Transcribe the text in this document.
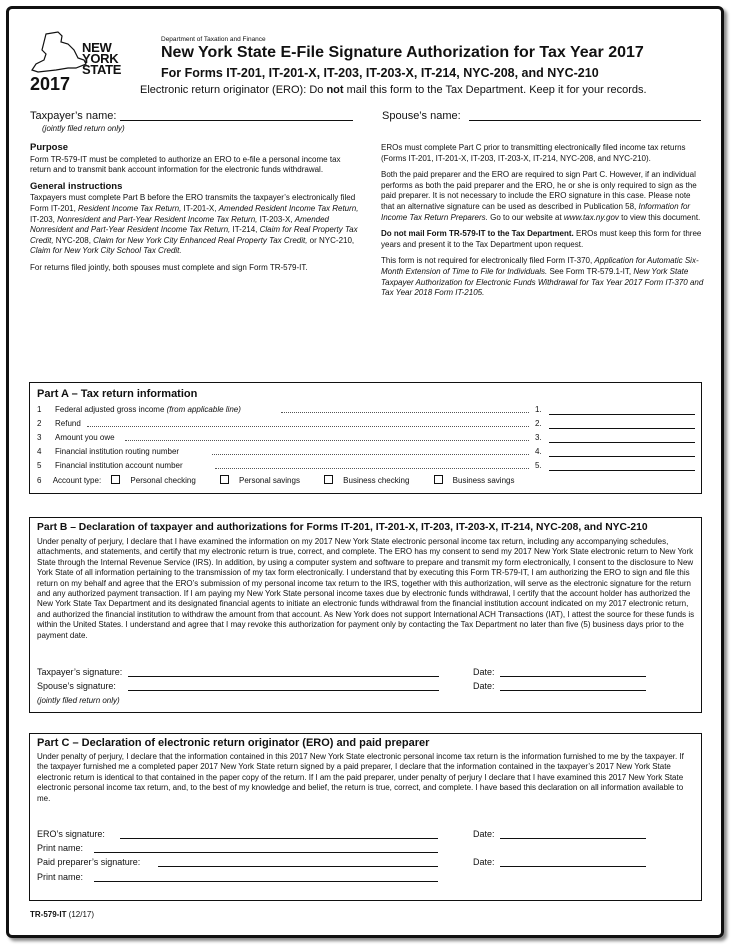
NEW
YORK
STATE
2017
Department of Taxation and Finance
New York State E-File Signature Authorization for Tax Year 2017
For Forms IT-201, IT-201-X, IT-203, IT-203-X, IT-214, NYC-208, and NYC-210
Electronic return originator (ERO): Do not mail this form to the Tax Department. Keep it for your records.
Taxpayer’s name:
(jointly filed return only)
Spouse’s name:
Purpose

Form TR-579-IT must be completed to authorize an ERO to e-file a personal income tax return and to transmit bank account information for the electronic funds withdrawal.

General instructions

Taxpayers must complete Part B before the ERO transmits the taxpayer’s electronically filed Form IT-201, Resident Income Tax Return, IT-201-X, Amended Resident Income Tax Return, IT-203, Nonresident and Part-Year Resident Income Tax Return, IT-203-X, Amended Nonresident and Part-Year Resident Income Tax Return, IT-214, Claim for Real Property Tax Credit, NYC-208, Claim for New York City Enhanced Real Property Tax Credit, or NYC-210, Claim for New York City School Tax Credit.

For returns filed jointly, both spouses must complete and sign Form TR-579-IT.

EROs must complete Part C prior to transmitting electronically filed income tax returns (Forms IT-201, IT-201-X, IT-203, IT-203-X, IT-214, NYC-208, and NYC-210).

Both the paid preparer and the ERO are required to sign Part C. However, if an individual performs as both the paid preparer and the ERO, he or she is only required to sign as the paid preparer. It is not necessary to include the ERO signature in this case. Please note that an alternative signature can be used as described in Publication 58, Information for Income Tax Return Preparers. Go to our website at www.tax.ny.gov to view this document.

Do not mail Form TR-579-IT to the Tax Department. EROs must keep this form for three years and present it to the Tax Department upon request.

This form is not required for electronically filed Form IT-370, Application for Automatic Six-Month Extension of Time to File for Individuals. See Form TR-579.1-IT, New York State Taxpayer Authorization for Electronic Funds Withdrawal for Tax Year 2017 Form IT-370 and Tax Year 2018 Form IT-2105.

Part A – Tax return information
1 Federal adjusted gross income (from applicable line)	1.
2 Refund	2.
3 Amount you owe	3.
4 Financial institution routing number	4.
5 Financial institution account number	5.
6 Account type:	Personal checking	Personal savings	Business checking	Business savings
Part B – Declaration of taxpayer and authorizations for Forms IT-201, IT-201-X, IT-203, IT-203-X, IT-214, NYC-208, and NYC-210
Under penalty of perjury, I declare that I have examined the information on my 2017 New York State electronic personal income tax return, including any accompanying schedules, attachments, and statements, and certify that my electronic return is true, correct, and complete. The ERO has my consent to send my 2017 New York State electronic return to New York State through the Internal Revenue Service (IRS). In addition, by using a computer system and software to prepare and transmit my form electronically, I consent to the disclosure to New York State of all information pertaining to the transmission of my tax form electronically. I understand that by executing this Form TR-579-IT, I am authorizing the ERO to sign and file this return on my behalf and agree that the ERO’s submission of my personal income tax return to the IRS, together with this authorization, will serve as the electronic signature for the return and any authorized payment transaction. If I am paying my New York State personal income taxes due by electronic funds withdrawal, I certify that the account holder has authorized the New York State Tax Department and its designated financial agents to initiate an electronic funds withdrawal from the financial institution account indicated on my 2017 electronic return, and authorized the financial institution to withdraw the amount from that account. As New York does not support International ACH Transactions (IAT), I attest the source for these funds is within the United States. I understand and agree that I may revoke this authorization for payment only by contacting the Tax Department no later than five (5) business days prior to the payment date.
Taxpayer’s signature:	Date:
Spouse’s signature:	Date:
(jointly filed return only)
Part C – Declaration of electronic return originator (ERO) and paid preparer
Under penalty of perjury, I declare that the information contained in this 2017 New York State electronic personal income tax return is the information furnished to me by the taxpayer. If the taxpayer furnished me a completed paper 2017 New York State return signed by a paid preparer, I declare that the information contained in the taxpayer’s 2017 New York State electronic return is identical to that contained in the paper copy of the return. If I am the paid preparer, under penalty of perjury I declare that I have examined this 2017 New York State electronic personal income tax return, and, to the best of my knowledge and belief, the return is true, correct, and complete. I have based this declaration on all information available to me.
ERO’s signature:	Date:
Print name:
Paid preparer’s signature:	Date:
Print name:
TR-579-IT (12/17)
